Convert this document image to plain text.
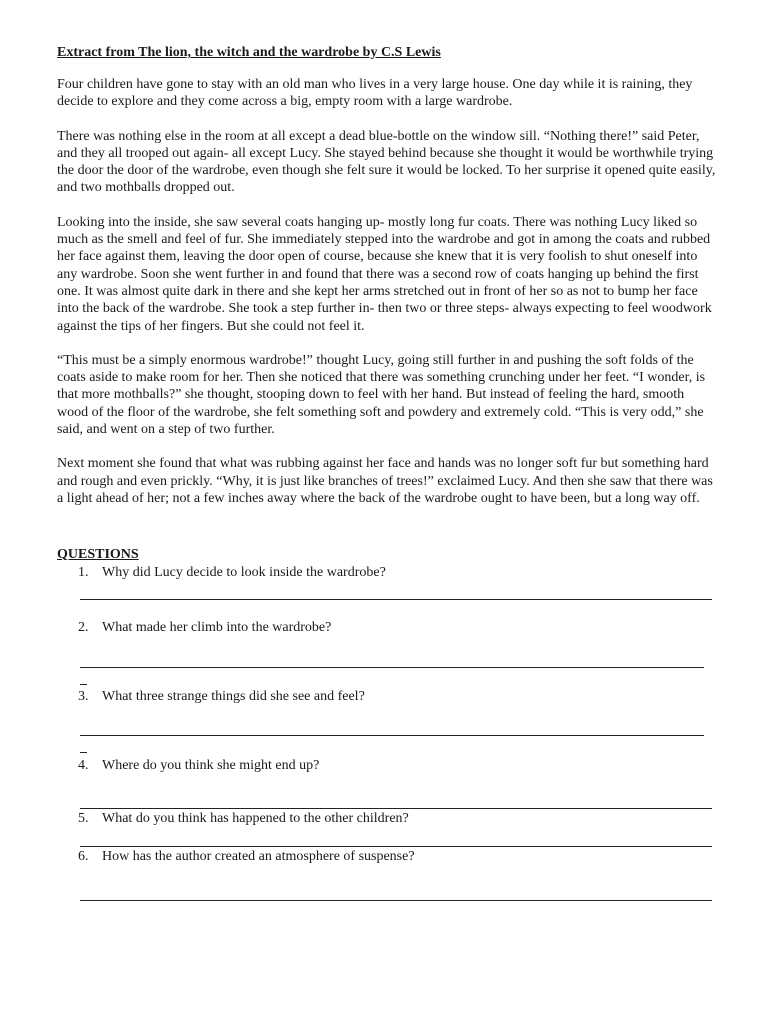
Extract from The lion, the witch and the wardrobe by C.S Lewis

Four children have gone to stay with an old man who lives in a very large house. One day while it is raining, they decide to explore and they come across a big, empty room with a large wardrobe.

There was nothing else in the room at all except a dead blue-bottle on the window sill. “Nothing there!” said Peter, and they all trooped out again- all except Lucy. She stayed behind because she thought it would be worthwhile trying the door the door of the wardrobe, even though she felt sure it would be locked. To her surprise it opened quite easily, and two mothballs dropped out.

Looking into the inside, she saw several coats hanging up- mostly long fur coats. There was nothing Lucy liked so much as the smell and feel of fur. She immediately stepped into the wardrobe and got in among the coats and rubbed her face against them, leaving the door open of course, because she knew that it is very foolish to shut oneself into any wardrobe. Soon she went further in and found that there was a second row of coats hanging up behind the first one. It was almost quite dark in there and she kept her arms stretched out in front of her so as not to bump her face into the back of the wardrobe. She took a step further in- then two or three steps- always expecting to feel woodwork against the tips of her fingers. But she could not feel it.

“This must be a simply enormous wardrobe!” thought Lucy, going still further in and pushing the soft folds of the coats aside to make room for her. Then she noticed that there was something crunching under her feet. “I wonder, is that more mothballs?” she thought, stooping down to feel with her hand. But instead of feeling the hard, smooth wood of the floor of the wardrobe, she felt something soft and powdery and extremely cold. “This is very odd,” she said, and went on a step of two further.

Next moment she found that what was rubbing against her face and hands was no longer soft fur but something hard and rough and even prickly. “Why, it is just like branches of trees!” exclaimed Lucy. And then she saw that there was a light ahead of her; not a few inches away where the back of the wardrobe ought to have been, but a long way off.

QUESTIONS
1. Why did Lucy decide to look inside the wardrobe?
2. What made her climb into the wardrobe?
3. What three strange things did she see and feel?
4. Where do you think she might end up?
5. What do you think has happened to the other children?
6. How has the author created an atmosphere of suspense?
